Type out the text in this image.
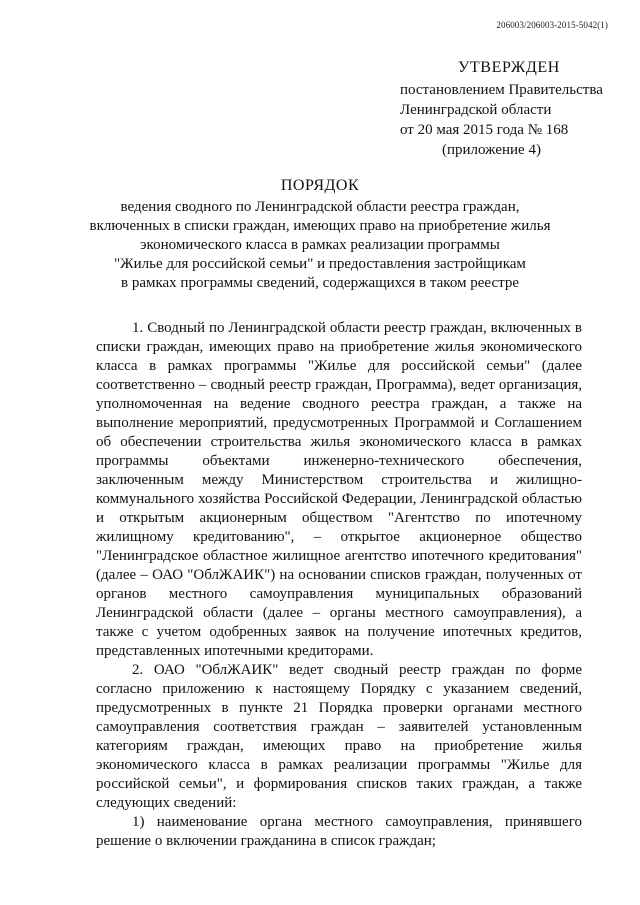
206003/206003-2015-5042(1)
УТВЕРЖДЕН
постановлением Правительства
Ленинградской области
от 20 мая 2015 года № 168
(приложение 4)
ПОРЯДОК
ведения сводного по Ленинградской области реестра граждан,
включенных в списки граждан, имеющих право на приобретение жилья
экономического класса в рамках реализации программы
"Жилье для российской семьи" и предоставления застройщикам
в рамках программы сведений, содержащихся в таком реестре

1. Сводный по Ленинградской области реестр граждан, включенных в списки граждан, имеющих право на приобретение жилья экономического класса в рамках программы "Жилье для российской семьи" (далее соответственно – сводный реестр граждан, Программа), ведет организация, уполномоченная на ведение сводного реестра граждан, а также на выполнение мероприятий, предусмотренных Программой и Соглашением об обеспечении строительства жилья экономического класса в рамках программы объектами инженерно-технического обеспечения, заключенным между Министерством строительства и жилищно-коммунального хозяйства Российской Федерации, Ленинградской областью и открытым акционерным обществом "Агентство по ипотечному жилищному кредитованию", – открытое акционерное общество "Ленинградское областное жилищное агентство ипотечного кредитования" (далее – ОАО "ОблЖАИК") на основании списков граждан, полученных от органов местного самоуправления муниципальных образований Ленинградской области (далее – органы местного самоуправления), а также с учетом одобренных заявок на получение ипотечных кредитов, представленных ипотечными кредиторами.

2. ОАО "ОблЖАИК" ведет сводный реестр граждан по форме согласно приложению к настоящему Порядку с указанием сведений, предусмотренных в пункте 21 Порядка проверки органами местного самоуправления соответствия граждан – заявителей установленным категориям граждан, имеющих право на приобретение жилья экономического класса в рамках реализации программы "Жилье для российской семьи", и формирования списков таких граждан, а также следующих сведений:

1) наименование органа местного самоуправления, принявшего решение о включении гражданина в список граждан;
